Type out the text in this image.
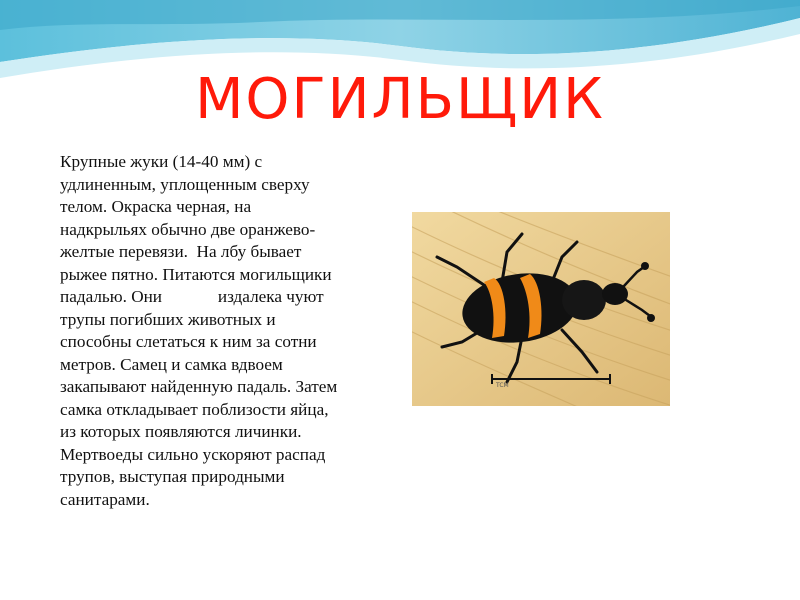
МОГИЛЬЩИК
Крупные жуки (14-40 мм) с
удлиненным, уплощенным сверху
телом. Окраска черная, на
надкрыльях обычно две оранжево-
желтые перевязи.  На лбу бывает
рыжее пятно. Питаются могильщики
падалью. Они             издалека чуют
трупы погибших животных и
способны слетаться к ним за сотни
метров. Самец и самка вдвоем
закапывают найденную падаль. Затем
самка откладывает поблизости яйца,
из которых появляются личинки.
Мертвоеды сильно ускоряют распад
трупов, выступая природными
санитарами.
TCM
